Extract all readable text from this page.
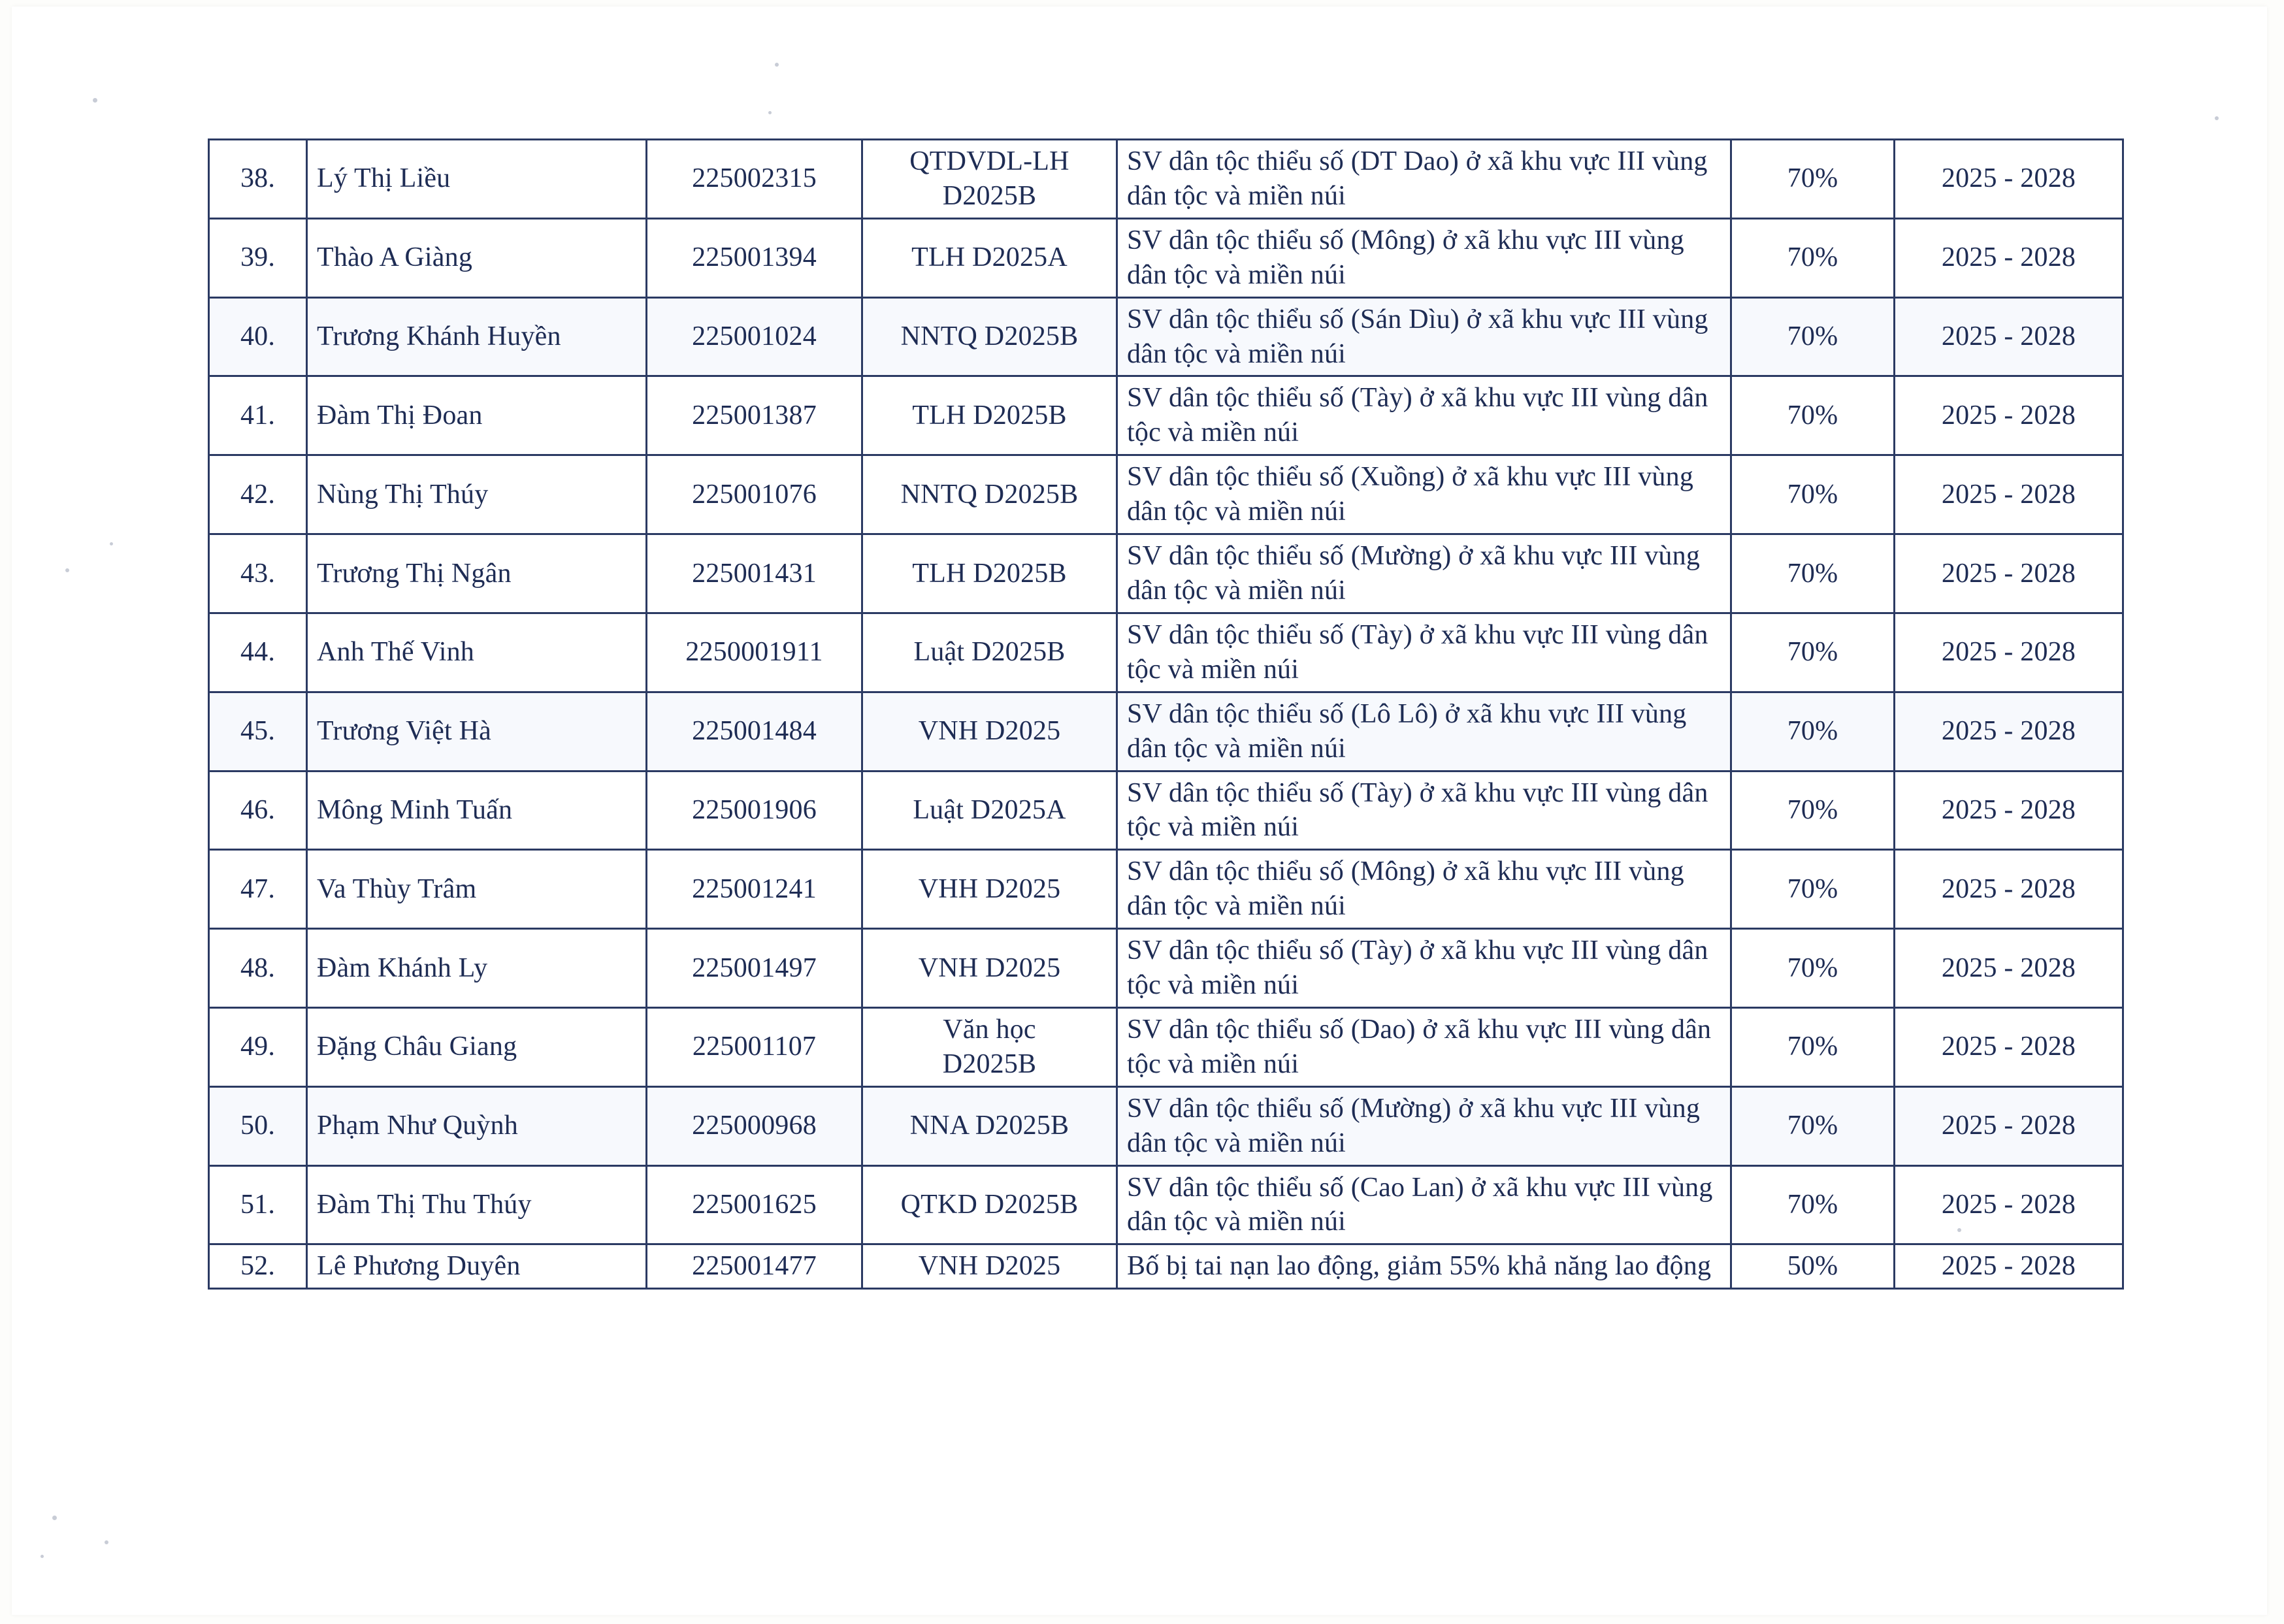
38.	Lý Thị Liều	225002315	QTDVDL-LH
D2025B	SV dân tộc thiểu số (DT Dao) ở xã khu vực III vùng dân tộc và miền núi	70%	2025 - 2028
39.	Thào A Giàng	225001394	TLH D2025A	SV dân tộc thiểu số (Mông) ở xã khu vực III vùng dân tộc và miền núi	70%	2025 - 2028
40.	Trương Khánh Huyền	225001024	NNTQ D2025B	SV dân tộc thiểu số (Sán Dìu) ở xã khu vực III vùng dân tộc và miền núi	70%	2025 - 2028
41.	Đàm Thị Đoan	225001387	TLH D2025B	SV dân tộc thiểu số (Tày) ở xã khu vực III vùng dân tộc và miền núi	70%	2025 - 2028
42.	Nùng Thị Thúy	225001076	NNTQ D2025B	SV dân tộc thiểu số (Xuồng) ở xã khu vực III vùng dân tộc và miền núi	70%	2025 - 2028
43.	Trương Thị Ngân	225001431	TLH D2025B	SV dân tộc thiểu số (Mường) ở xã khu vực III vùng dân tộc và miền núi	70%	2025 - 2028
44.	Anh Thế Vinh	2250001911	Luật D2025B	SV dân tộc thiểu số (Tày) ở xã khu vực III vùng dân tộc và miền núi	70%	2025 - 2028
45.	Trương Việt Hà	225001484	VNH D2025	SV dân tộc thiểu số (Lô Lô) ở xã khu vực III vùng dân tộc và miền núi	70%	2025 - 2028
46.	Mông Minh Tuấn	225001906	Luật D2025A	SV dân tộc thiểu số (Tày) ở xã khu vực III vùng dân tộc và miền núi	70%	2025 - 2028
47.	Va Thùy Trâm	225001241	VHH D2025	SV dân tộc thiểu số (Mông) ở xã khu vực III vùng dân tộc và miền núi	70%	2025 - 2028
48.	Đàm Khánh Ly	225001497	VNH D2025	SV dân tộc thiểu số (Tày) ở xã khu vực III vùng dân tộc và miền núi	70%	2025 - 2028
49.	Đặng Châu Giang	225001107	Văn học
D2025B	SV dân tộc thiểu số (Dao) ở xã khu vực III vùng dân tộc và miền núi	70%	2025 - 2028
50.	Phạm Như Quỳnh	225000968	NNA D2025B	SV dân tộc thiểu số (Mường) ở xã khu vực III vùng dân tộc và miền núi	70%	2025 - 2028
51.	Đàm Thị Thu Thúy	225001625	QTKD D2025B	SV dân tộc thiểu số (Cao Lan) ở xã khu vực III vùng dân tộc và miền núi	70%	2025 - 2028
52.	Lê Phương Duyên	225001477	VNH D2025	Bố bị tai nạn lao động, giảm 55% khả năng lao động	50%	2025 - 2028
